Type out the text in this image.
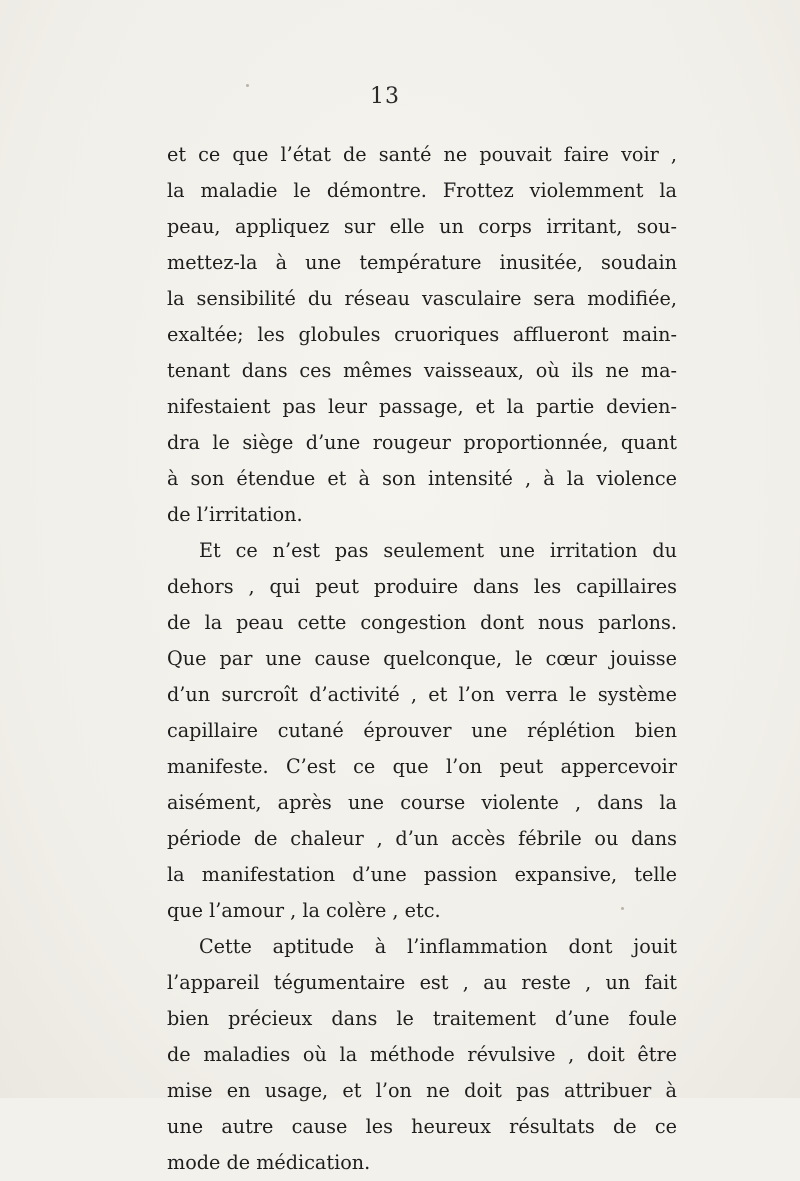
13
et ce que l’état de santé ne pouvait faire voir ,
la maladie le démontre. Frottez violemment la
peau, appliquez sur elle un corps irritant, sou-
mettez-la à une température inusitée, soudain
la sensibilité du réseau vasculaire sera modifiée,
exaltée; les globules cruoriques afflueront main-
tenant dans ces mêmes vaisseaux, où ils ne ma-
nifestaient pas leur passage, et la partie devien-
dra le siège d’une rougeur proportionnée, quant
à son étendue et à son intensité , à la violence
de l’irritation.
Et ce n’est pas seulement une irritation du
dehors , qui peut produire dans les capillaires
de la peau cette congestion dont nous parlons.
Que par une cause quelconque, le cœur jouisse
d’un surcroît d’activité , et l’on verra le système
capillaire cutané éprouver une réplétion bien
manifeste. C’est ce que l’on peut appercevoir
aisément, après une course violente , dans la
période de chaleur , d’un accès fébrile ou dans
la manifestation d’une passion expansive, telle
que l’amour , la colère , etc.
Cette aptitude à l’inflammation dont jouit
l’appareil tégumentaire est , au reste , un fait
bien précieux dans le traitement d’une foule
de maladies où la méthode révulsive , doit être
mise en usage, et l’on ne doit pas attribuer à
une autre cause les heureux résultats de ce
mode de médication.
